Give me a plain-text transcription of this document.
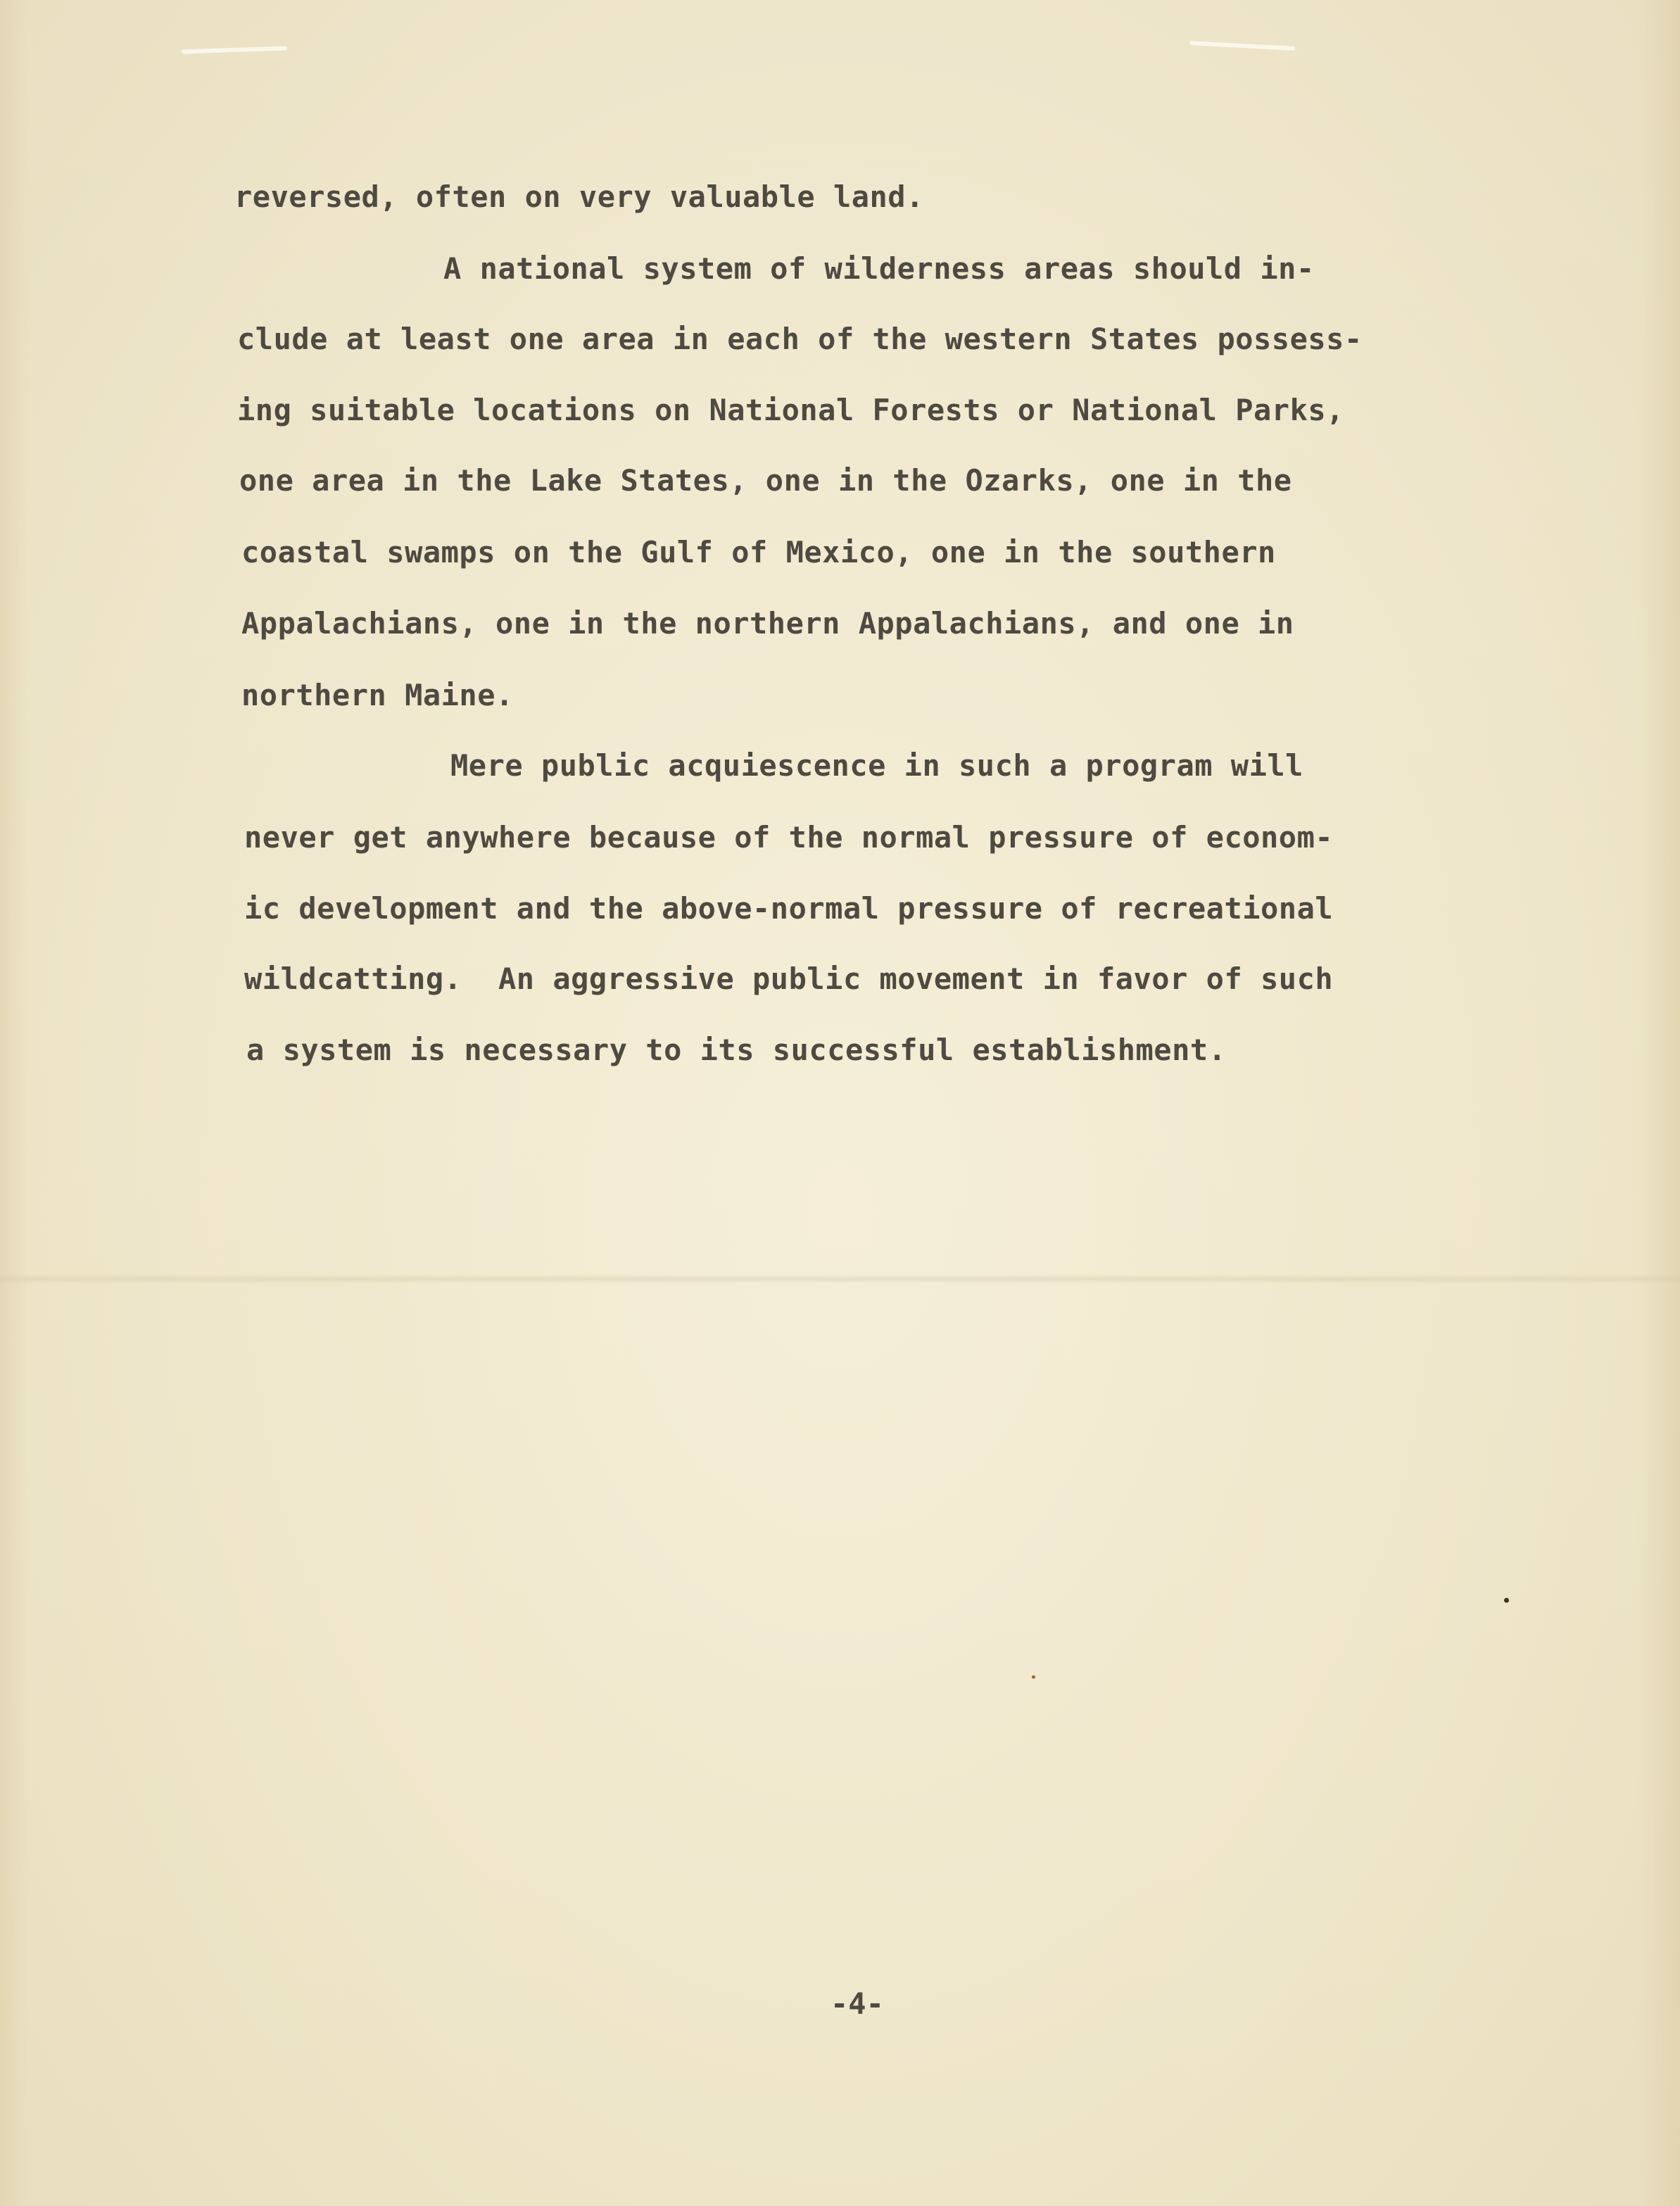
reversed, often on very valuable land.
A national system of wilderness areas should in-
clude at least one area in each of the western States possess-
ing suitable locations on National Forests or National Parks,
one area in the Lake States, one in the Ozarks, one in the
coastal swamps on the Gulf of Mexico, one in the southern
Appalachians, one in the northern Appalachians, and one in
northern Maine.
Mere public acquiescence in such a program will
never get anywhere because of the normal pressure of econom-
ic development and the above-normal pressure of recreational
wildcatting.  An aggressive public movement in favor of such
a system is necessary to its successful establishment.
-4-
